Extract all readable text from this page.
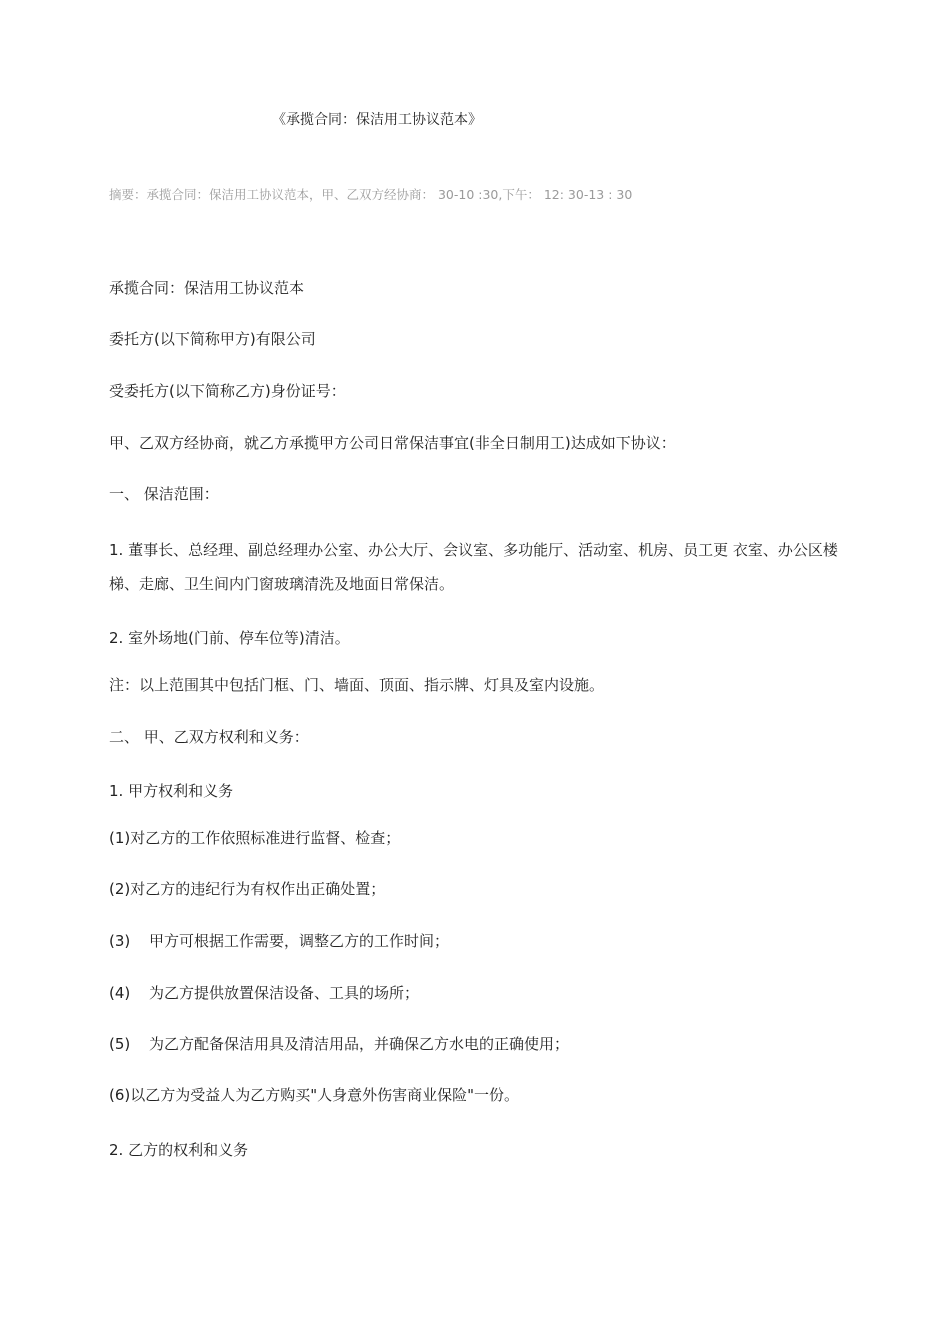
《承揽合同：保洁用工协议范本》

摘要：承揽合同：保洁用工协议范本，甲、乙双方经协商： 30-10 :30,下午： 12: 30-13 : 30

承揽合同：保洁用工协议范本

委托方(以下简称甲方)有限公司

受委托方(以下简称乙方)身份证号：

甲、乙双方经协商，就乙方承揽甲方公司日常保洁事宜(非全日制用工)达成如下协议：

一、 保洁范围：

1. 董事长、总经理、副总经理办公室、办公大厅、会议室、多功能厅、活动室、机房、员工更 衣室、办公区楼梯、走廊、卫生间内门窗玻璃清洗及地面日常保洁。

2. 室外场地(门前、停车位等)清洁。

注：以上范围其中包括门框、门、墙面、顶面、指示牌、灯具及室内设施。

二、 甲、乙双方权利和义务：

1. 甲方权利和义务

(1)对乙方的工作依照标准进行监督、检查；

(2)对乙方的违纪行为有权作出正确处置；

(3) 甲方可根据工作需要，调整乙方的工作时间；

(4) 为乙方提供放置保洁设备、工具的场所；

(5) 为乙方配备保洁用具及清洁用品，并确保乙方水电的正确使用；

(6)以乙方为受益人为乙方购买"人身意外伤害商业保险"一份。

2. 乙方的权利和义务
